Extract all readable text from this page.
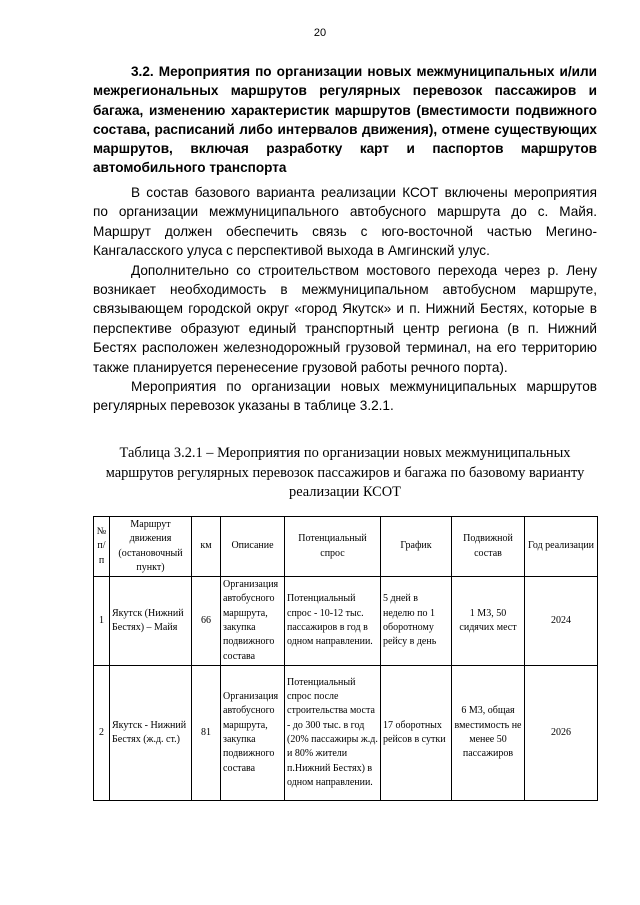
20

3.2. Мероприятия по организации новых межмуниципальных и/или межрегиональных маршрутов регулярных перевозок пассажиров и багажа, изменению характеристик маршрутов (вместимости подвижного состава, расписаний либо интервалов движения), отмене существующих маршрутов, включая разработку карт и паспортов маршрутов автомобильного транспорта

В состав базового варианта реализации КСОТ включены мероприятия по организации межмуниципального автобусного маршрута до с. Майя. Маршрут должен обеспечить связь с юго-восточной частью Мегино-Кангаласского улуса с перспективой выхода в Амгинский улус.

Дополнительно со строительством мостового перехода через р. Лену возникает необходимость в межмуниципальном автобусном маршруте, связывающем городской округ «город Якутск» и п. Нижний Бестях, которые в перспективе образуют единый транспортный центр региона (в п. Нижний Бестях расположен железнодорожный грузовой терминал, на его территорию также планируется перенесение грузовой работы речного порта).

Мероприятия по организации новых межмуниципальных маршрутов регулярных перевозок указаны в таблице 3.2.1.

Таблица 3.2.1 – Мероприятия по организации новых межмуниципальных маршрутов регулярных перевозок пассажиров и багажа по базовому варианту реализации КСОТ

№ п/п	Маршрут движения (остановочный пункт)	км	Описание	Потенциальный спрос	График	Подвижной состав	Год реализации
1	Якутск (Нижний Бестях) – Майя	66	Организация автобусного маршрута, закупка подвижного состава	Потенциальный спрос - 10-12 тыс. пассажиров в год в одном направлении.	5 дней в неделю по 1 оборотному рейсу в день	1 М3, 50 сидячих мест	2024
2	Якутск - Нижний Бестях (ж.д. ст.)	81	Организация автобусного маршрута, закупка подвижного состава	Потенциальный спрос после строительства моста - до 300 тыс. в год (20% пассажиры ж.д. и 80% жители п.Нижний Бестях) в одном направлении.	17 оборотных рейсов в сутки	6 М3, общая вместимость не менее 50 пассажиров	2026
